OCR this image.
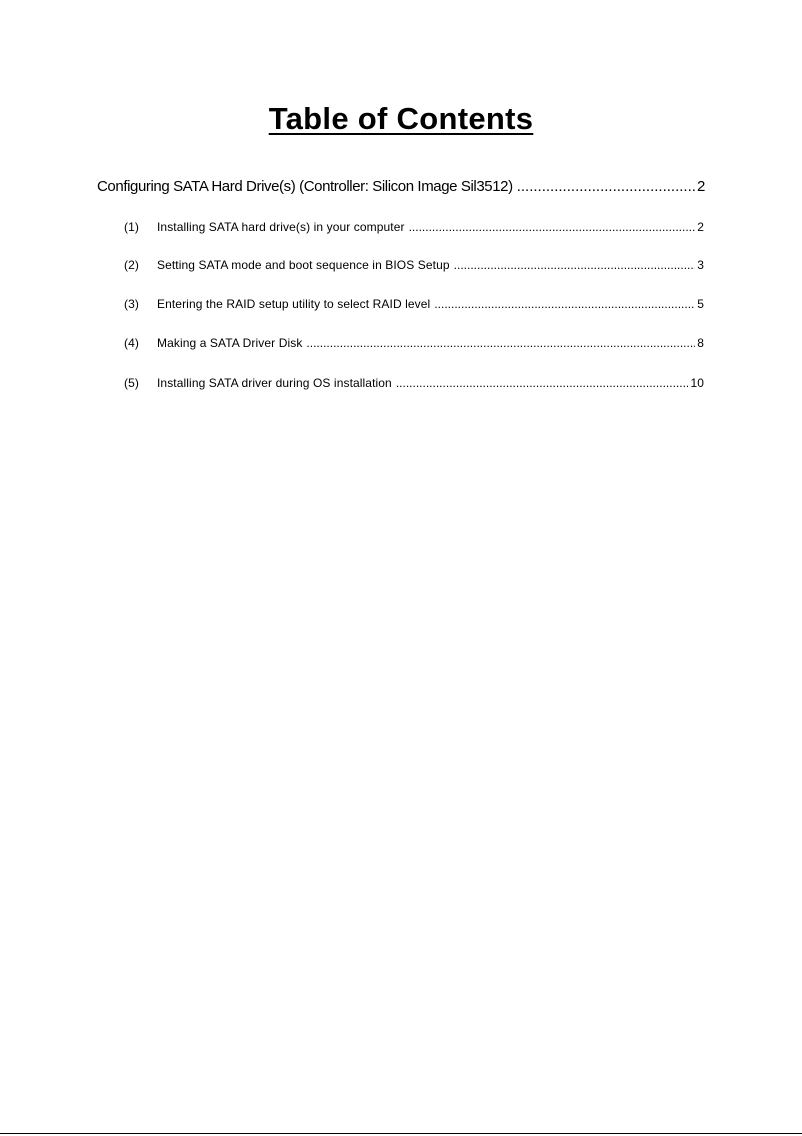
Table of Contents
Configuring SATA Hard Drive(s) (Controller: Silicon Image Sil3512) .....	2
(1)	Installing SATA hard drive(s) in your computer .....	2
(2)	Setting SATA mode and boot sequence in BIOS Setup .....	3
(3)	Entering the RAID setup utility to select RAID level .....	5
(4)	Making a SATA Driver Disk .....	8
(5)	Installing SATA driver during OS installation .....	10
